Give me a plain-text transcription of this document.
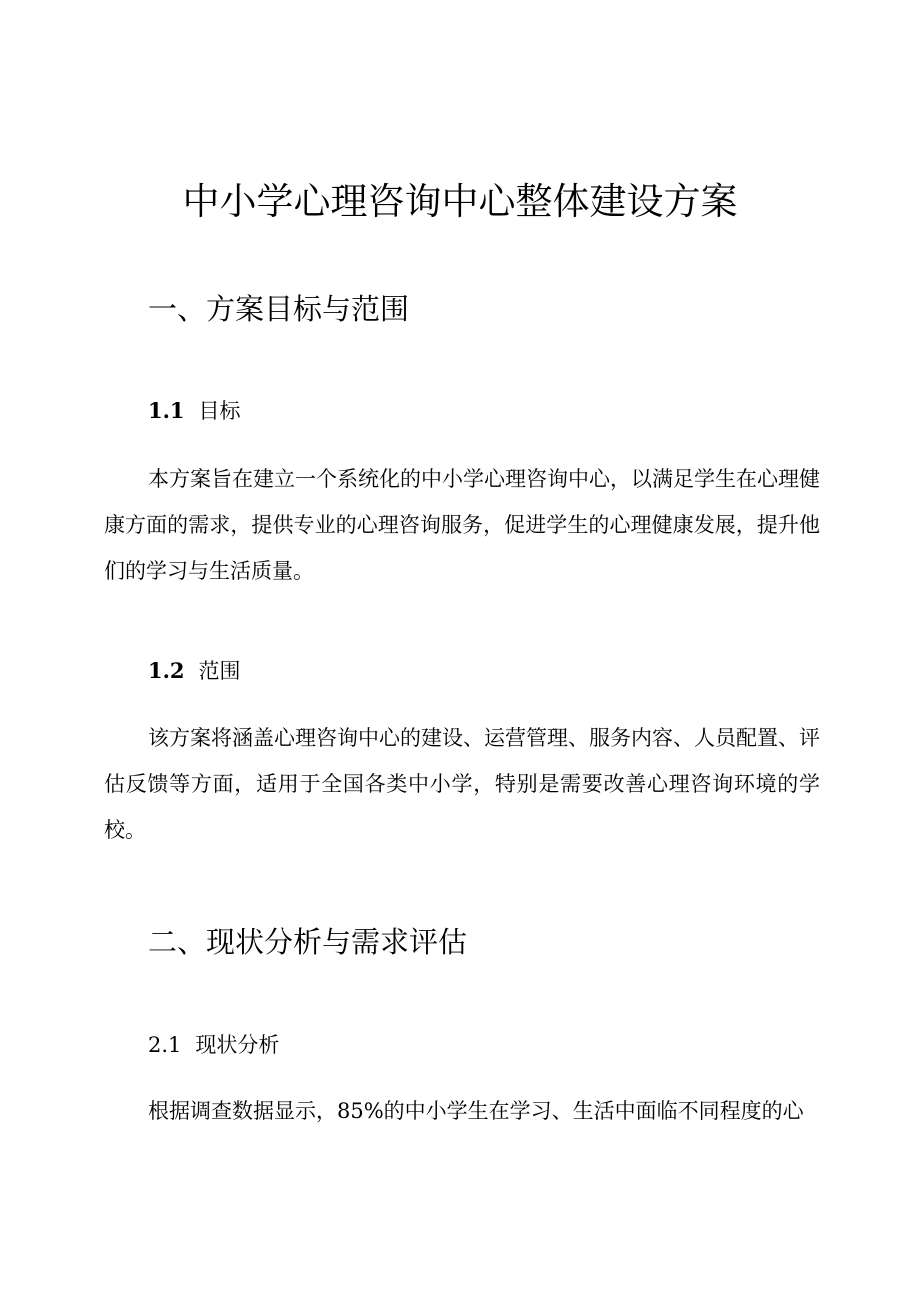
中小学心理咨询中心整体建设方案
一、方案目标与范围
1.1 目标

本方案旨在建立一个系统化的中小学心理咨询中心，以满足学生在心理健康方面的需求，提供专业的心理咨询服务，促进学生的心理健康发展，提升他们的学习与生活质量。

1.2 范围

该方案将涵盖心理咨询中心的建设、运营管理、服务内容、人员配置、评估反馈等方面，适用于全国各类中小学，特别是需要改善心理咨询环境的学校。

二、现状分析与需求评估
2.1 现状分析

根据调查数据显示，85%的中小学生在学习、生活中面临不同程度的心
